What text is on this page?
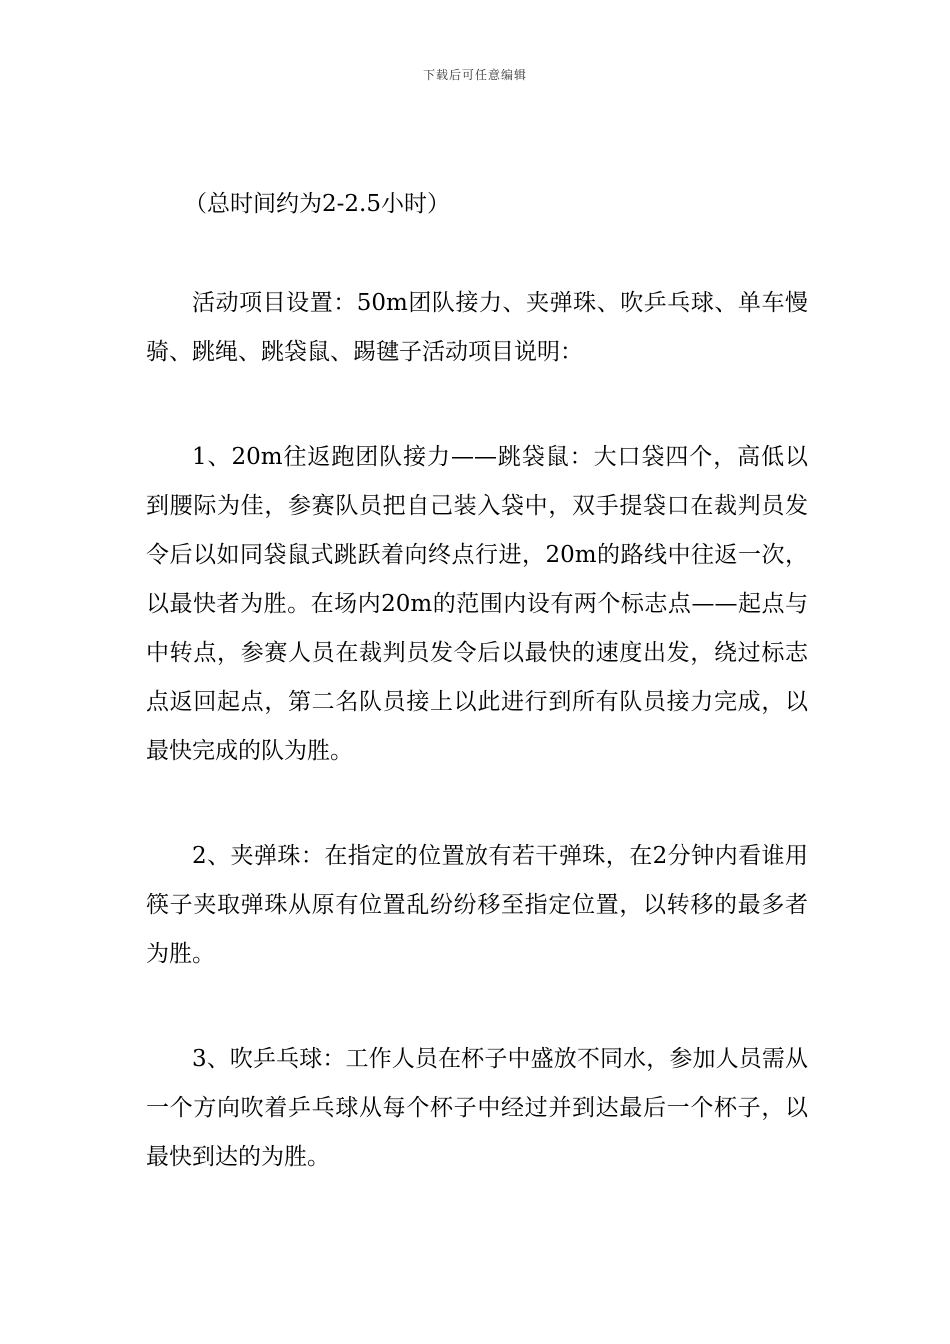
下载后可任意编辑

（总时间约为2-2.5小时）

活动项目设置：50m团队接力、夹弹珠、吹乒乓球、单车慢骑、跳绳、跳袋鼠、踢毽子活动项目说明：

1、20m往返跑团队接力——跳袋鼠：大口袋四个，高低以到腰际为佳，参赛队员把自己装入袋中，双手提袋口在裁判员发令后以如同袋鼠式跳跃着向终点行进，20m的路线中往返一次，以最快者为胜。在场内20m的范围内设有两个标志点——起点与中转点，参赛人员在裁判员发令后以最快的速度出发，绕过标志点返回起点，第二名队员接上以此进行到所有队员接力完成，以最快完成的队为胜。

2、夹弹珠：在指定的位置放有若干弹珠，在2分钟内看谁用筷子夹取弹珠从原有位置乱纷纷移至指定位置，以转移的最多者为胜。

3、吹乒乓球：工作人员在杯子中盛放不同水，参加人员需从一个方向吹着乒乓球从每个杯子中经过并到达最后一个杯子，以最快到达的为胜。
